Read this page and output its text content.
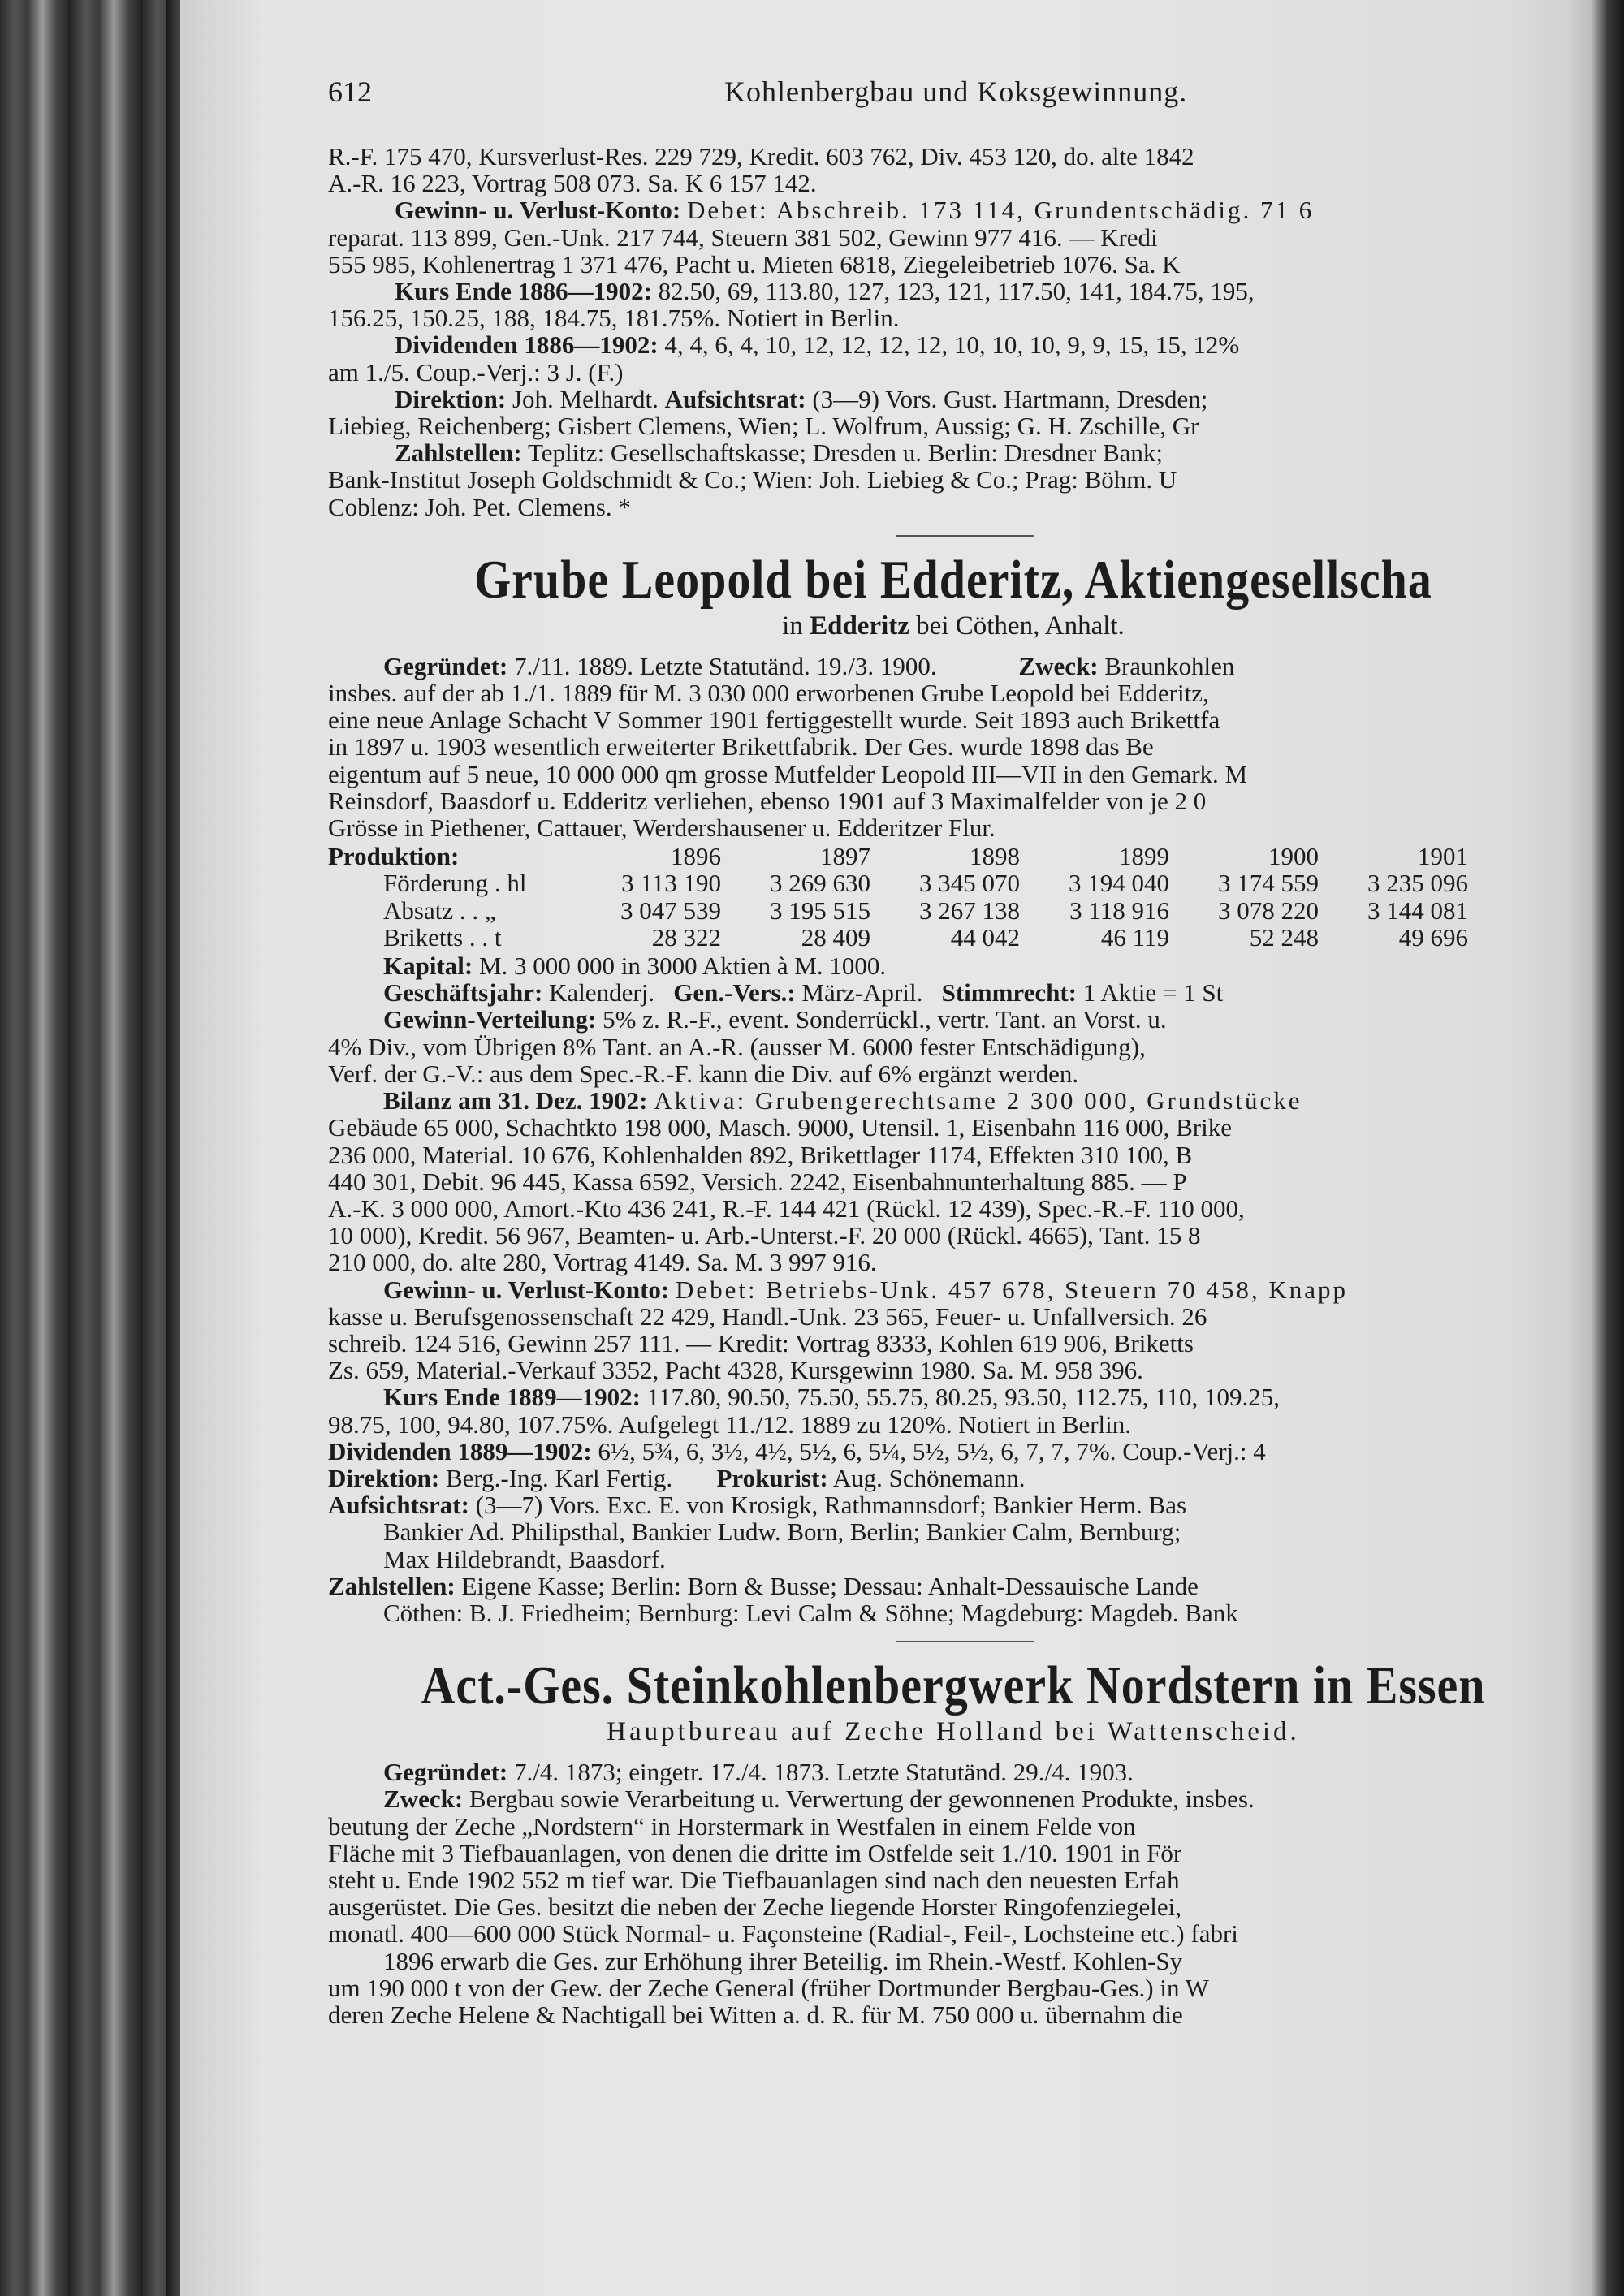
612	Kohlenbergbau und Koksgewinnung.

R.-F. 175 470, Kursverlust-Res. 229 729, Kredit. 603 762, Div. 453 120, do. alte 1842

A.-R. 16 223, Vortrag 508 073. Sa. K 6 157 142.

Gewinn- u. Verlust-Konto: Debet: Abschreib. 173 114, Grundentschädig. 71 6

reparat. 113 899, Gen.-Unk. 217 744, Steuern 381 502, Gewinn 977 416. — Kredi

555 985, Kohlenertrag 1 371 476, Pacht u. Mieten 6818, Ziegeleibetrieb 1076. Sa. K

Kurs Ende 1886—1902: 82.50, 69, 113.80, 127, 123, 121, 117.50, 141, 184.75, 195,

156.25, 150.25, 188, 184.75, 181.75%. Notiert in Berlin.

Dividenden 1886—1902: 4, 4, 6, 4, 10, 12, 12, 12, 12, 10, 10, 10, 9, 9, 15, 15, 12%

am 1./5. Coup.-Verj.: 3 J. (F.)

Direktion: Joh. Melhardt. Aufsichtsrat: (3—9) Vors. Gust. Hartmann, Dresden;

Liebieg, Reichenberg; Gisbert Clemens, Wien; L. Wolfrum, Aussig; G. H. Zschille, Gr

Zahlstellen: Teplitz: Gesellschaftskasse; Dresden u. Berlin: Dresdner Bank;

Bank-Institut Joseph Goldschmidt & Co.; Wien: Joh. Liebieg & Co.; Prag: Böhm. U

Coblenz: Joh. Pet. Clemens. *

Grube Leopold bei Edderitz, Aktiengesellscha

in Edderitz bei Cöthen, Anhalt.

Gegründet: 7./11. 1889. Letzte Statutänd. 19./3. 1900.	Zweck: Braunkohlen

insbes. auf der ab 1./1. 1889 für M. 3 030 000 erworbenen Grube Leopold bei Edderitz,

eine neue Anlage Schacht V Sommer 1901 fertiggestellt wurde. Seit 1893 auch Brikettfa

in 1897 u. 1903 wesentlich erweiterter Brikettfabrik. Der Ges. wurde 1898 das Be

eigentum auf 5 neue, 10 000 000 qm grosse Mutfelder Leopold III—VII in den Gemark. M

Reinsdorf, Baasdorf u. Edderitz verliehen, ebenso 1901 auf 3 Maximalfelder von je 2 0

Grösse in Piethener, Cattauer, Werdershausener u. Edderitzer Flur.

Produktion:	1896	1897	1898	1899	1900	1901
Förderung . hl	3 113 190	3 269 630	3 345 070	3 194 040	3 174 559	3 235 096
Absatz . . „	3 047 539	3 195 515	3 267 138	3 118 916	3 078 220	3 144 081
Briketts . . t	28 322	28 409	44 042	46 119	52 248	49 696

Kapital: M. 3 000 000 in 3000 Aktien à M. 1000.

Geschäftsjahr: Kalenderj. Gen.-Vers.: März-April. Stimmrecht: 1 Aktie = 1 St

Gewinn-Verteilung: 5% z. R.-F., event. Sonderrückl., vertr. Tant. an Vorst. u.

4% Div., vom Übrigen 8% Tant. an A.-R. (ausser M. 6000 fester Entschädigung),

Verf. der G.-V.: aus dem Spec.-R.-F. kann die Div. auf 6% ergänzt werden.

Bilanz am 31. Dez. 1902: Aktiva: Grubengerechtsame 2 300 000, Grundstücke

Gebäude 65 000, Schachtkto 198 000, Masch. 9000, Utensil. 1, Eisenbahn 116 000, Brike

236 000, Material. 10 676, Kohlenhalden 892, Brikettlager 1174, Effekten 310 100, B

440 301, Debit. 96 445, Kassa 6592, Versich. 2242, Eisenbahnunterhaltung 885. — P

A.-K. 3 000 000, Amort.-Kto 436 241, R.-F. 144 421 (Rückl. 12 439), Spec.-R.-F. 110 000,

10 000), Kredit. 56 967, Beamten- u. Arb.-Unterst.-F. 20 000 (Rückl. 4665), Tant. 15 8

210 000, do. alte 280, Vortrag 4149. Sa. M. 3 997 916.

Gewinn- u. Verlust-Konto: Debet: Betriebs-Unk. 457 678, Steuern 70 458, Knapp

kasse u. Berufsgenossenschaft 22 429, Handl.-Unk. 23 565, Feuer- u. Unfallversich. 26

schreib. 124 516, Gewinn 257 111. — Kredit: Vortrag 8333, Kohlen 619 906, Briketts

Zs. 659, Material.-Verkauf 3352, Pacht 4328, Kursgewinn 1980. Sa. M. 958 396.

Kurs Ende 1889—1902: 117.80, 90.50, 75.50, 55.75, 80.25, 93.50, 112.75, 110, 109.25,

98.75, 100, 94.80, 107.75%. Aufgelegt 11./12. 1889 zu 120%. Notiert in Berlin.

Dividenden 1889—1902: 6½, 5¾, 6, 3½, 4½, 5½, 6, 5¼, 5½, 5½, 6, 7, 7, 7%. Coup.-Verj.: 4

Direktion: Berg.-Ing. Karl Fertig. Prokurist: Aug. Schönemann.

Aufsichtsrat: (3—7) Vors. Exc. E. von Krosigk, Rathmannsdorf; Bankier Herm. Bas

Bankier Ad. Philipsthal, Bankier Ludw. Born, Berlin; Bankier Calm, Bernburg;

Max Hildebrandt, Baasdorf.

Zahlstellen: Eigene Kasse; Berlin: Born & Busse; Dessau: Anhalt-Dessauische Lande

Cöthen: B. J. Friedheim; Bernburg: Levi Calm & Söhne; Magdeburg: Magdeb. Bank

Act.-Ges. Steinkohlenbergwerk Nordstern in Essen

Hauptbureau auf Zeche Holland bei Wattenscheid.

Gegründet: 7./4. 1873; eingetr. 17./4. 1873. Letzte Statutänd. 29./4. 1903.

Zweck: Bergbau sowie Verarbeitung u. Verwertung der gewonnenen Produkte, insbes.

beutung der Zeche „Nordstern“ in Horstermark in Westfalen in einem Felde von

Fläche mit 3 Tiefbauanlagen, von denen die dritte im Ostfelde seit 1./10. 1901 in För

steht u. Ende 1902 552 m tief war. Die Tiefbauanlagen sind nach den neuesten Erfah

ausgerüstet. Die Ges. besitzt die neben der Zeche liegende Horster Ringofenziegelei,

monatl. 400—600 000 Stück Normal- u. Façonsteine (Radial-, Feil-, Lochsteine etc.) fabri

1896 erwarb die Ges. zur Erhöhung ihrer Beteilig. im Rhein.-Westf. Kohlen-Sy

um 190 000 t von der Gew. der Zeche General (früher Dortmunder Bergbau-Ges.) in W

deren Zeche Helene & Nachtigall bei Witten a. d. R. für M. 750 000 u. übernahm die
